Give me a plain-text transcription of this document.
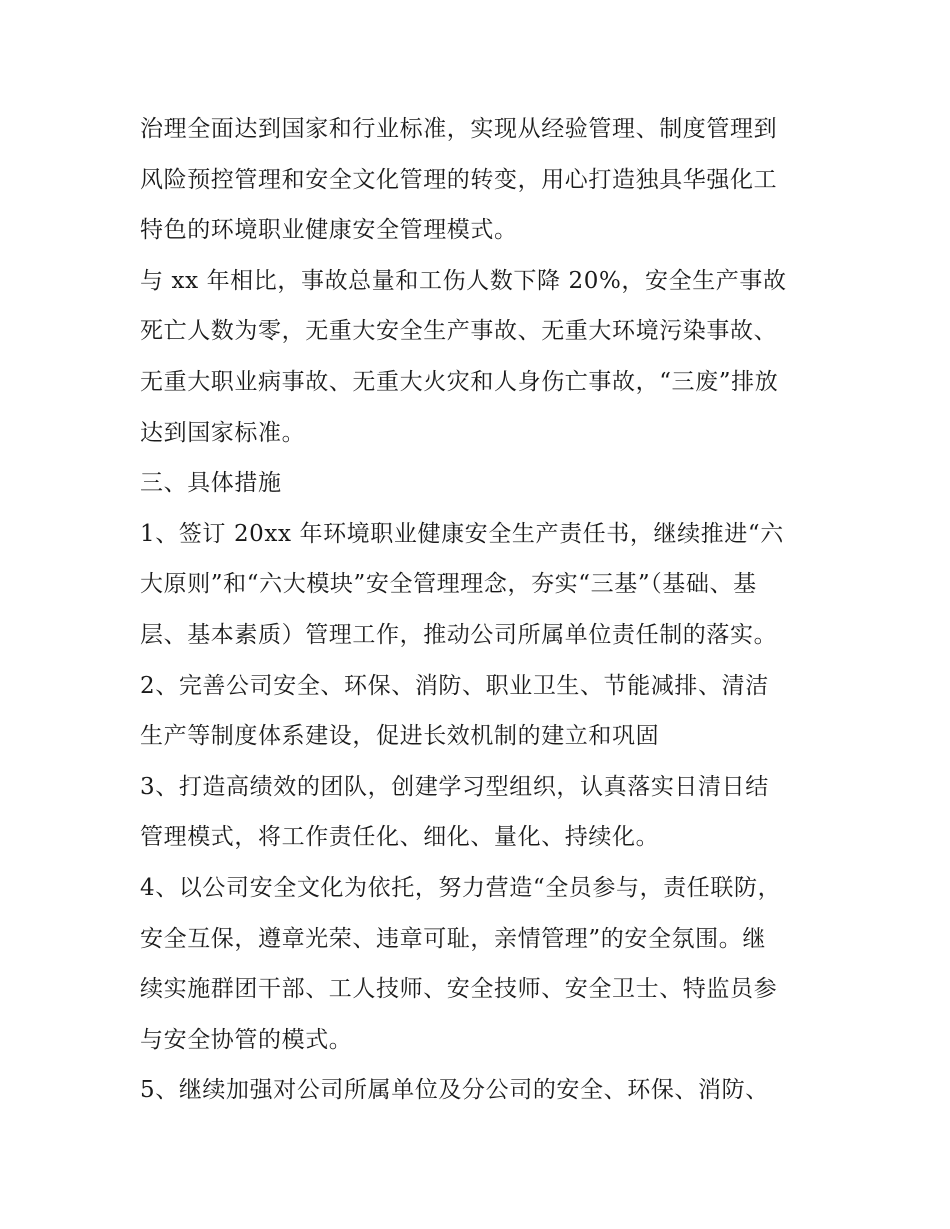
治理全面达到国家和行业标准，实现从经验管理、制度管理到
风险预控管理和安全文化管理的转变，用心打造独具华强化工
特色的环境职业健康安全管理模式。

与 xx 年相比，事故总量和工伤人数下降 20%，安全生产事故
死亡人数为零，无重大安全生产事故、无重大环境污染事故、
无重大职业病事故、无重大火灾和人身伤亡事故，“三废”排放
达到国家标准。

三、具体措施

1、签订 20xx 年环境职业健康安全生产责任书，继续推进“六
大原则”和“六大模块”安全管理理念，夯实“三基”（基础、基
层、基本素质）管理工作，推动公司所属单位责任制的落实。

2、完善公司安全、环保、消防、职业卫生、节能减排、清洁
生产等制度体系建设，促进长效机制的建立和巩固

3、打造高绩效的团队，创建学习型组织，认真落实日清日结
管理模式，将工作责任化、细化、量化、持续化。

4、以公司安全文化为依托，努力营造“全员参与，责任联防，
安全互保，遵章光荣、违章可耻，亲情管理”的安全氛围。继
续实施群团干部、工人技师、安全技师、安全卫士、特监员参
与安全协管的模式。

5、继续加强对公司所属单位及分公司的安全、环保、消防、
